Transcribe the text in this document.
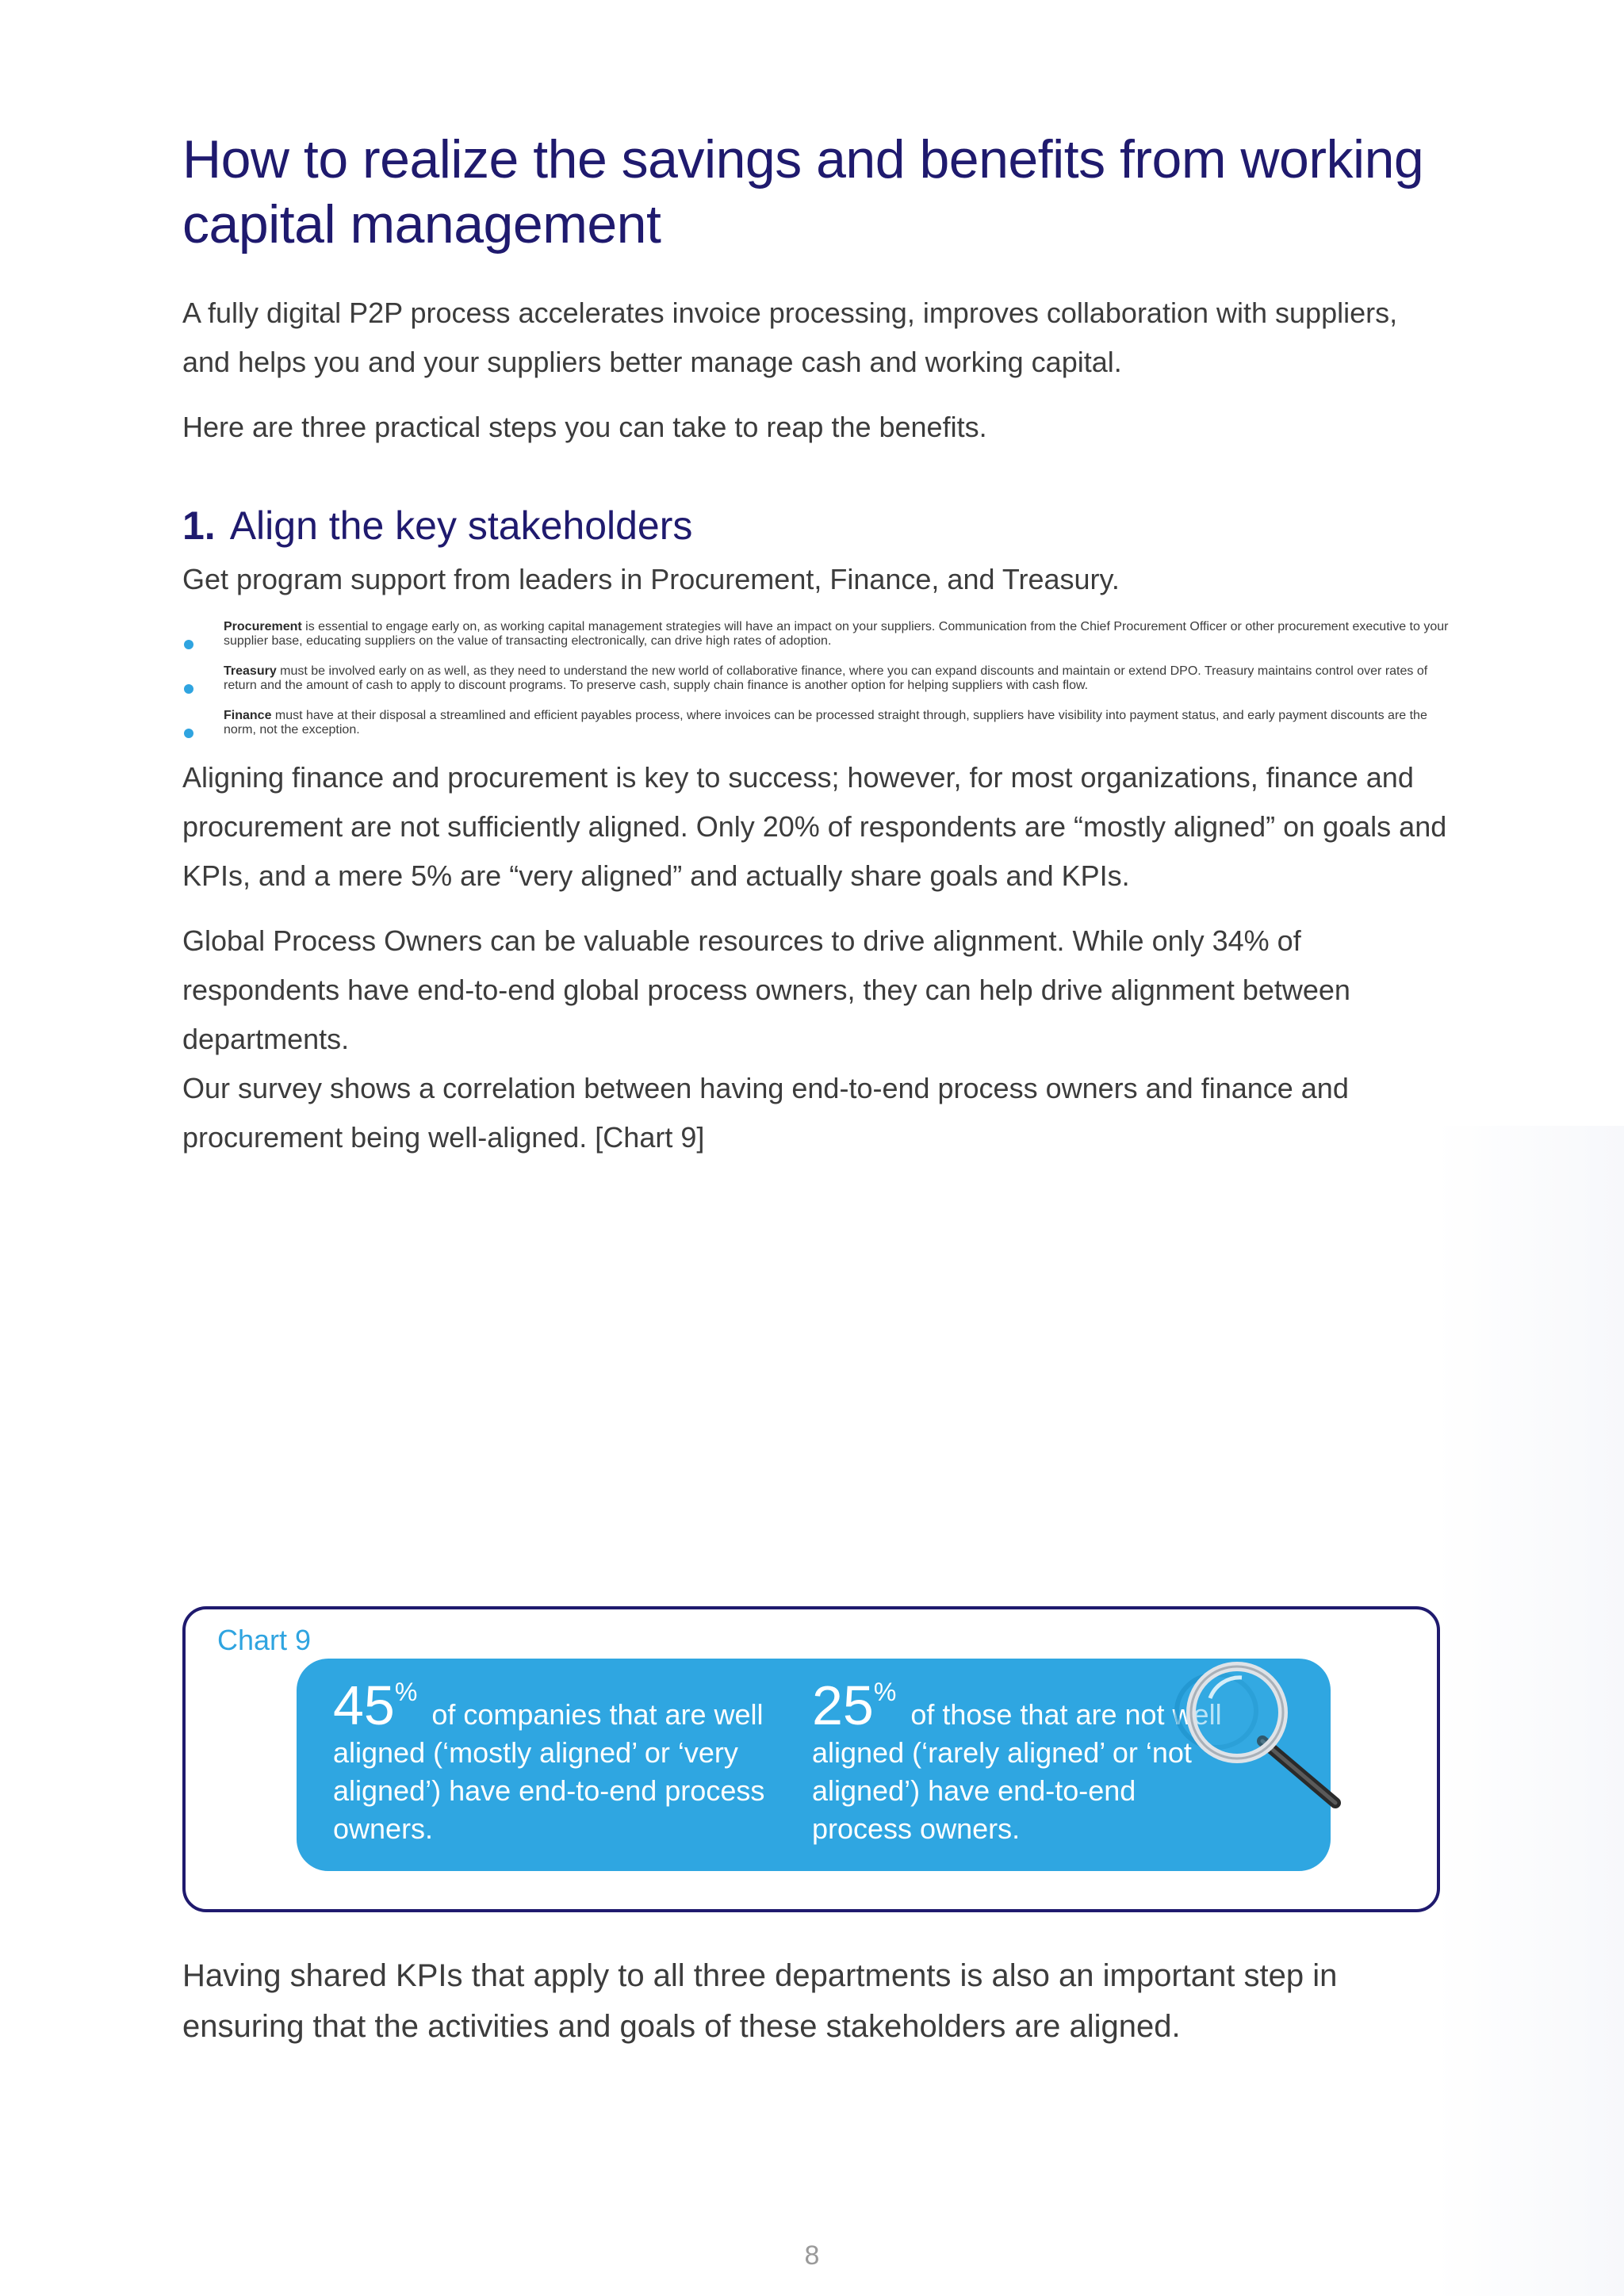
How to realize the savings and benefits from working capital management

A fully digital P2P process accelerates invoice processing, improves collaboration with suppliers, and helps you and your suppliers better manage cash and working capital.

Here are three practical steps you can take to reap the benefits.

1. Align the key stakeholders

Get program support from leaders in Procurement, Finance, and Treasury.

Procurement is essential to engage early on, as working capital management strategies will have an impact on your suppliers. Communication from the Chief Procurement Officer or other procurement executive to your supplier base, educating suppliers on the value of transacting electronically, can drive high rates of adoption.
Treasury must be involved early on as well, as they need to understand the new world of collaborative finance, where you can expand discounts and maintain or extend DPO. Treasury maintains control over rates of return and the amount of cash to apply to discount programs. To preserve cash, supply chain finance is another option for helping suppliers with cash flow.
Finance must have at their disposal a streamlined and efficient payables process, where invoices can be processed straight through, suppliers have visibility into payment status, and early payment discounts are the norm, not the exception.

Aligning finance and procurement is key to success; however, for most organizations, finance and procurement are not sufficiently aligned. Only 20% of respondents are “mostly aligned” on goals and KPIs, and a mere 5% are “very aligned” and actually share goals and KPIs.

Global Process Owners can be valuable resources to drive alignment. While only 34% of respondents have end-to-end global process owners, they can help drive alignment between departments.

Our survey shows a correlation between having end-to-end process owners and finance and procurement being well-aligned. [Chart 9]

Chart 9
45% of companies that are well aligned (‘mostly aligned’ or ‘very aligned’) have end-to-end process owners.
25% of those that are not well aligned (‘rarely aligned’ or ‘not aligned’) have end-to-end process owners.

Having shared KPIs that apply to all three departments is also an important step in ensuring that the activities and goals of these stakeholders are aligned.

8
